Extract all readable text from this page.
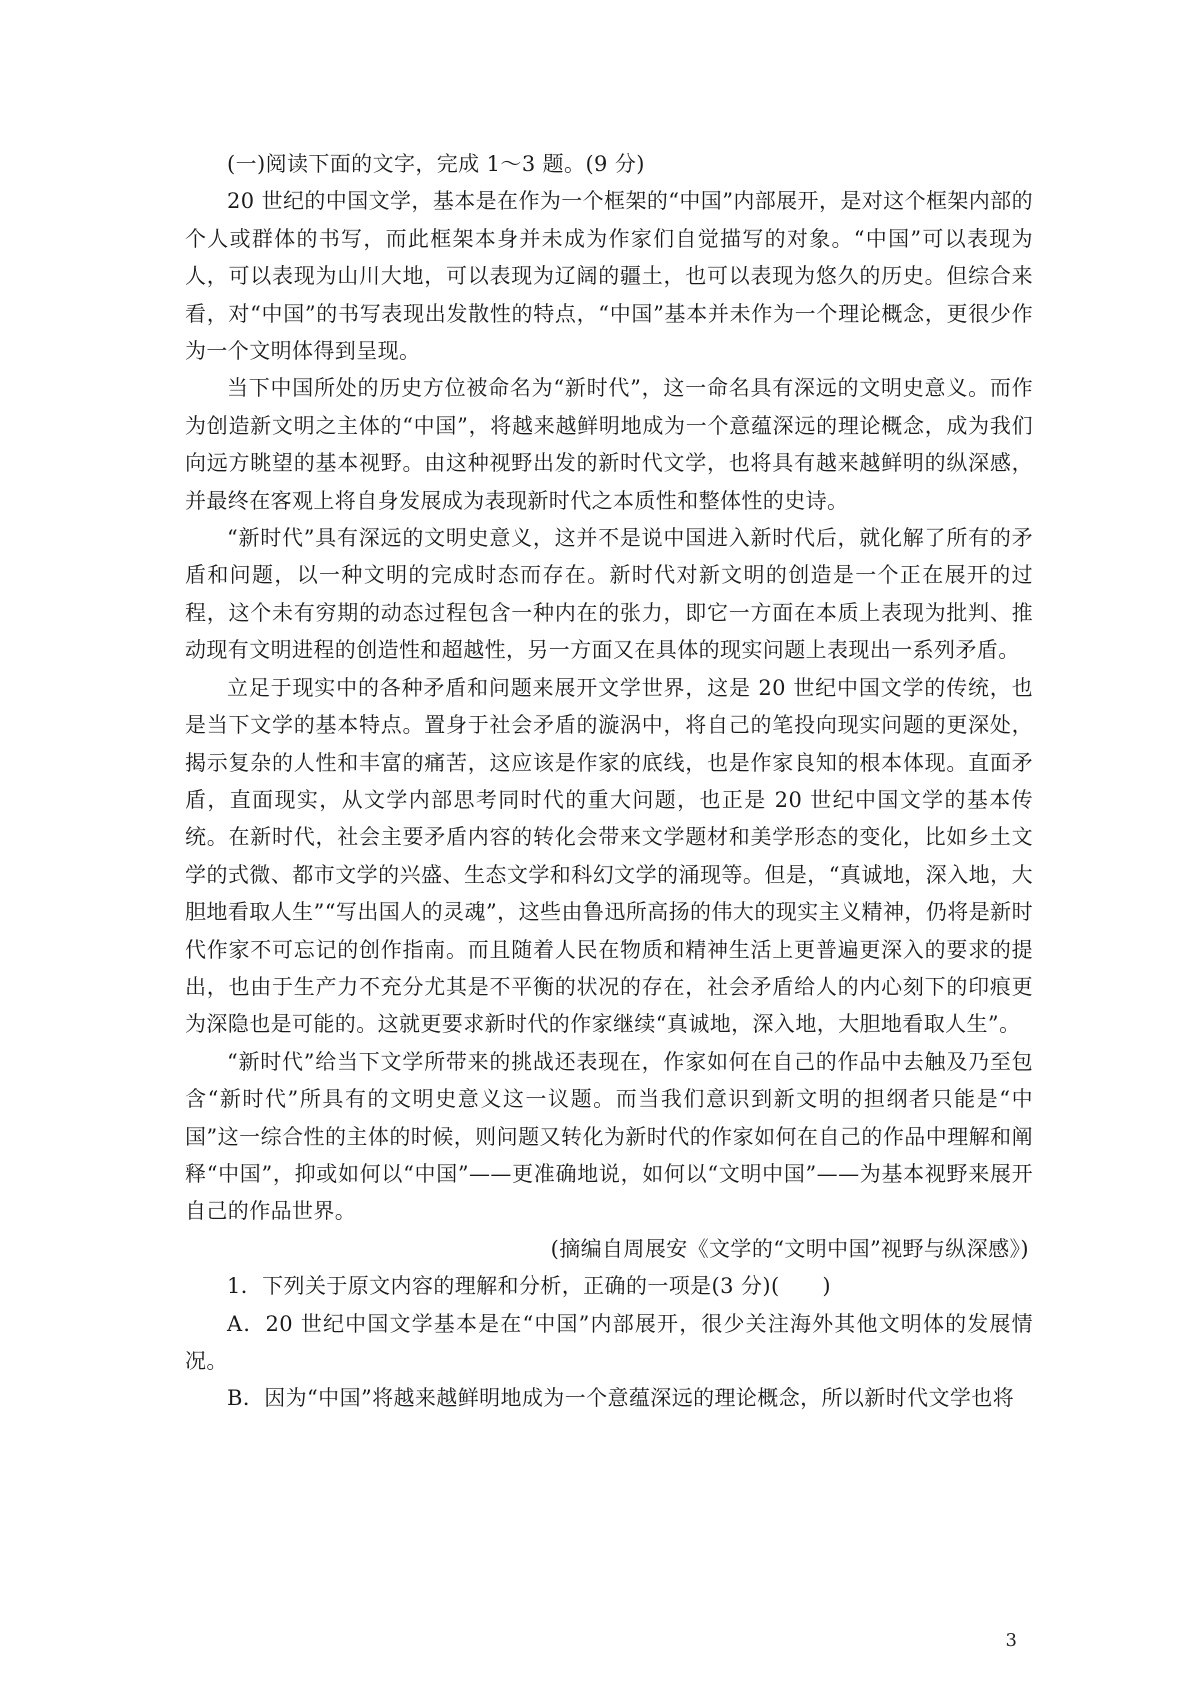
(一)阅读下面的文字，完成 1～3 题。(9 分)

20 世纪的中国文学，基本是在作为一个框架的“中国”内部展开，是对这个框架内部的个人或群体的书写，而此框架本身并未成为作家们自觉描写的对象。“中国”可以表现为人，可以表现为山川大地，可以表现为辽阔的疆土，也可以表现为悠久的历史。但综合来看，对“中国”的书写表现出发散性的特点，“中国”基本并未作为一个理论概念，更很少作为一个文明体得到呈现。

当下中国所处的历史方位被命名为“新时代”，这一命名具有深远的文明史意义。而作为创造新文明之主体的“中国”，将越来越鲜明地成为一个意蕴深远的理论概念，成为我们向远方眺望的基本视野。由这种视野出发的新时代文学，也将具有越来越鲜明的纵深感，并最终在客观上将自身发展成为表现新时代之本质性和整体性的史诗。

“新时代”具有深远的文明史意义，这并不是说中国进入新时代后，就化解了所有的矛盾和问题，以一种文明的完成时态而存在。新时代对新文明的创造是一个正在展开的过程，这个未有穷期的动态过程包含一种内在的张力，即它一方面在本质上表现为批判、推动现有文明进程的创造性和超越性，另一方面又在具体的现实问题上表现出一系列矛盾。

立足于现实中的各种矛盾和问题来展开文学世界，这是 20 世纪中国文学的传统，也是当下文学的基本特点。置身于社会矛盾的漩涡中，将自己的笔投向现实问题的更深处，揭示复杂的人性和丰富的痛苦，这应该是作家的底线，也是作家良知的根本体现。直面矛盾，直面现实，从文学内部思考同时代的重大问题，也正是 20 世纪中国文学的基本传统。在新时代，社会主要矛盾内容的转化会带来文学题材和美学形态的变化，比如乡土文学的式微、都市文学的兴盛、生态文学和科幻文学的涌现等。但是，“真诚地，深入地，大胆地看取人生”“写出国人的灵魂”，这些由鲁迅所高扬的伟大的现实主义精神，仍将是新时代作家不可忘记的创作指南。而且随着人民在物质和精神生活上更普遍更深入的要求的提出，也由于生产力不充分尤其是不平衡的状况的存在，社会矛盾给人的内心刻下的印痕更为深隐也是可能的。这就更要求新时代的作家继续“真诚地，深入地，大胆地看取人生”。

“新时代”给当下文学所带来的挑战还表现在，作家如何在自己的作品中去触及乃至包含“新时代”所具有的文明史意义这一议题。而当我们意识到新文明的担纲者只能是“中国”这一综合性的主体的时候，则问题又转化为新时代的作家如何在自己的作品中理解和阐释“中国”，抑或如何以“中国”——更准确地说，如何以“文明中国”——为基本视野来展开自己的作品世界。

(摘编自周展安《文学的“文明中国”视野与纵深感》)

1．下列关于原文内容的理解和分析，正确的一项是(3 分)(　　)

A．20 世纪中国文学基本是在“中国”内部展开，很少关注海外其他文明体的发展情况。

B．因为“中国”将越来越鲜明地成为一个意蕴深远的理论概念，所以新时代文学也将

3
